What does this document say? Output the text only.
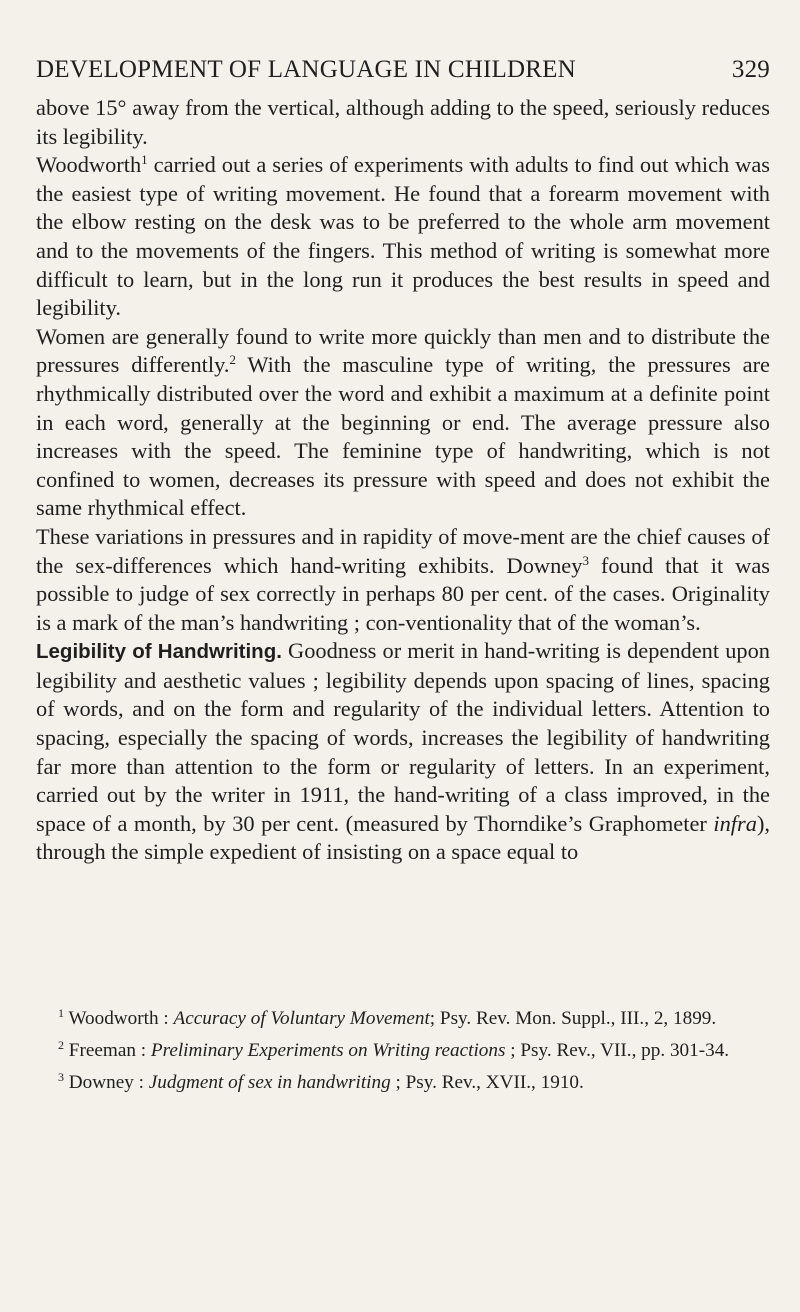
DEVELOPMENT OF LANGUAGE IN CHILDREN	329

above 15° away from the vertical, although adding to the speed, seriously reduces its legibility.

Woodworth$^1$ carried out a series of experiments with adults to find out which was the easiest type of writing movement. He found that a forearm movement with the elbow resting on the desk was to be preferred to the whole arm movement and to the movements of the fingers. This method of writing is somewhat more difficult to learn, but in the long run it produces the best results in speed and legibility.

Women are generally found to write more quickly than men and to distribute the pressures differently.$^2$ With the masculine type of writing, the pressures are rhythmically distributed over the word and exhibit a maximum at a definite point in each word, generally at the beginning or end. The average pressure also increases with the speed. The feminine type of handwriting, which is not confined to women, decreases its pressure with speed and does not exhibit the same rhythmical effect.

These variations in pressures and in rapidity of move-ment are the chief causes of the sex-differences which hand-writing exhibits. Downey$^3$ found that it was possible to judge of sex correctly in perhaps 80 per cent. of the cases. Originality is a mark of the man’s handwriting ; con-ventionality that of the woman’s.

Legibility of Handwriting. Goodness or merit in hand-writing is dependent upon legibility and aesthetic values ; legibility depends upon spacing of lines, spacing of words, and on the form and regularity of the individual letters. Attention to spacing, especially the spacing of words, increases the legibility of handwriting far more than attention to the form or regularity of letters. In an experiment, carried out by the writer in 1911, the hand-writing of a class improved, in the space of a month, by 30 per cent. (measured by Thorndike’s Graphometer infra), through the simple expedient of insisting on a space equal to

$^1$ Woodworth : Accuracy of Voluntary Movement; Psy. Rev. Mon. Suppl., III., 2, 1899.

$^2$ Freeman : Preliminary Experiments on Writing reactions ; Psy. Rev., VII., pp. 301-34.

$^3$ Downey : Judgment of sex in handwriting ; Psy. Rev., XVII., 1910.
